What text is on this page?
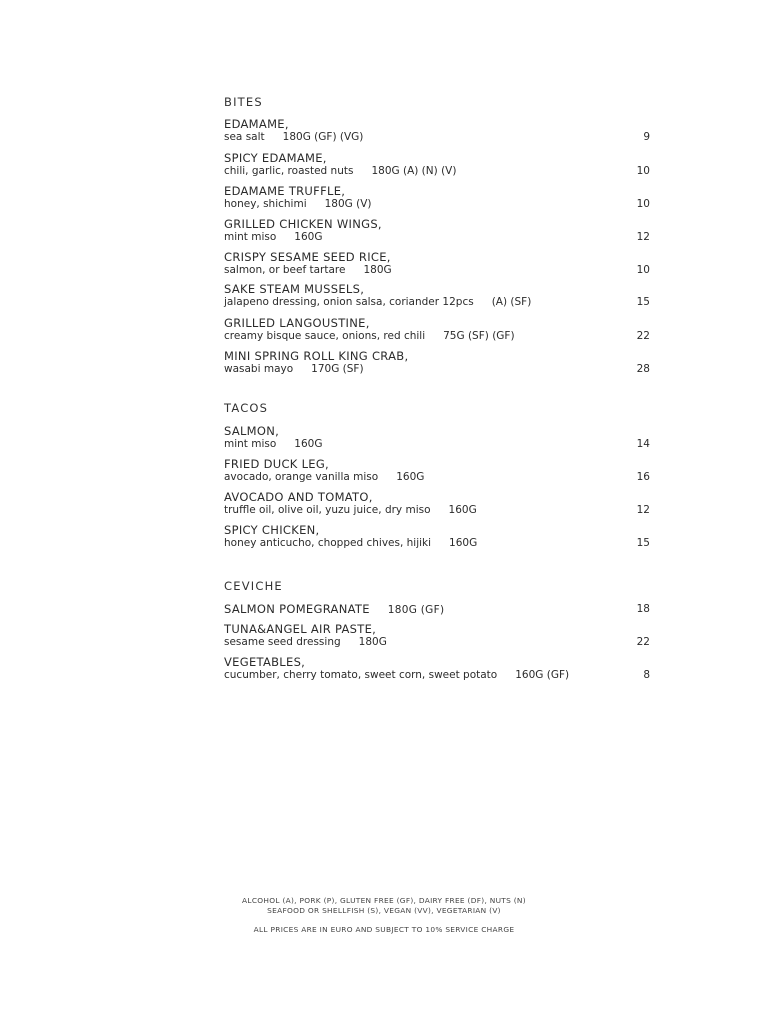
BITES
EDAMAME,
sea salt 180G (GF) (VG)	9
SPICY EDAMAME,
chili, garlic, roasted nuts 180G (A) (N) (V)	10
EDAMAME TRUFFLE,
honey, shichimi 180G (V)	10
GRILLED CHICKEN WINGS,
mint miso 160G	12
CRISPY SESAME SEED RICE,
salmon, or beef tartare 180G	10
SAKE STEAM MUSSELS,
jalapeno dressing, onion salsa, coriander 12pcs (A) (SF)	15
GRILLED LANGOUSTINE,
creamy bisque sauce, onions, red chili 75G (SF) (GF)	22
MINI SPRING ROLL KING CRAB,
wasabi mayo 170G (SF)	28
TACOS
SALMON,
mint miso 160G	14
FRIED DUCK LEG,
avocado, orange vanilla miso 160G	16
AVOCADO AND TOMATO,
truffle oil, olive oil, yuzu juice, dry miso 160G	12
SPICY CHICKEN,
honey anticucho, chopped chives, hijiki 160G	15
CEVICHE
SALMON POMEGRANATE 180G (GF)	18
TUNA&ANGEL AIR PASTE,
sesame seed dressing 180G	22
VEGETABLES,
cucumber, cherry tomato, sweet corn, sweet potato 160G (GF)	8
ALCOHOL (A), PORK (P), GLUTEN FREE (GF), DAIRY FREE (DF), NUTS (N)
SEAFOOD OR SHELLFISH (S), VEGAN (VV), VEGETARIAN (V)
ALL PRICES ARE IN EURO AND SUBJECT TO 10% SERVICE CHARGE
